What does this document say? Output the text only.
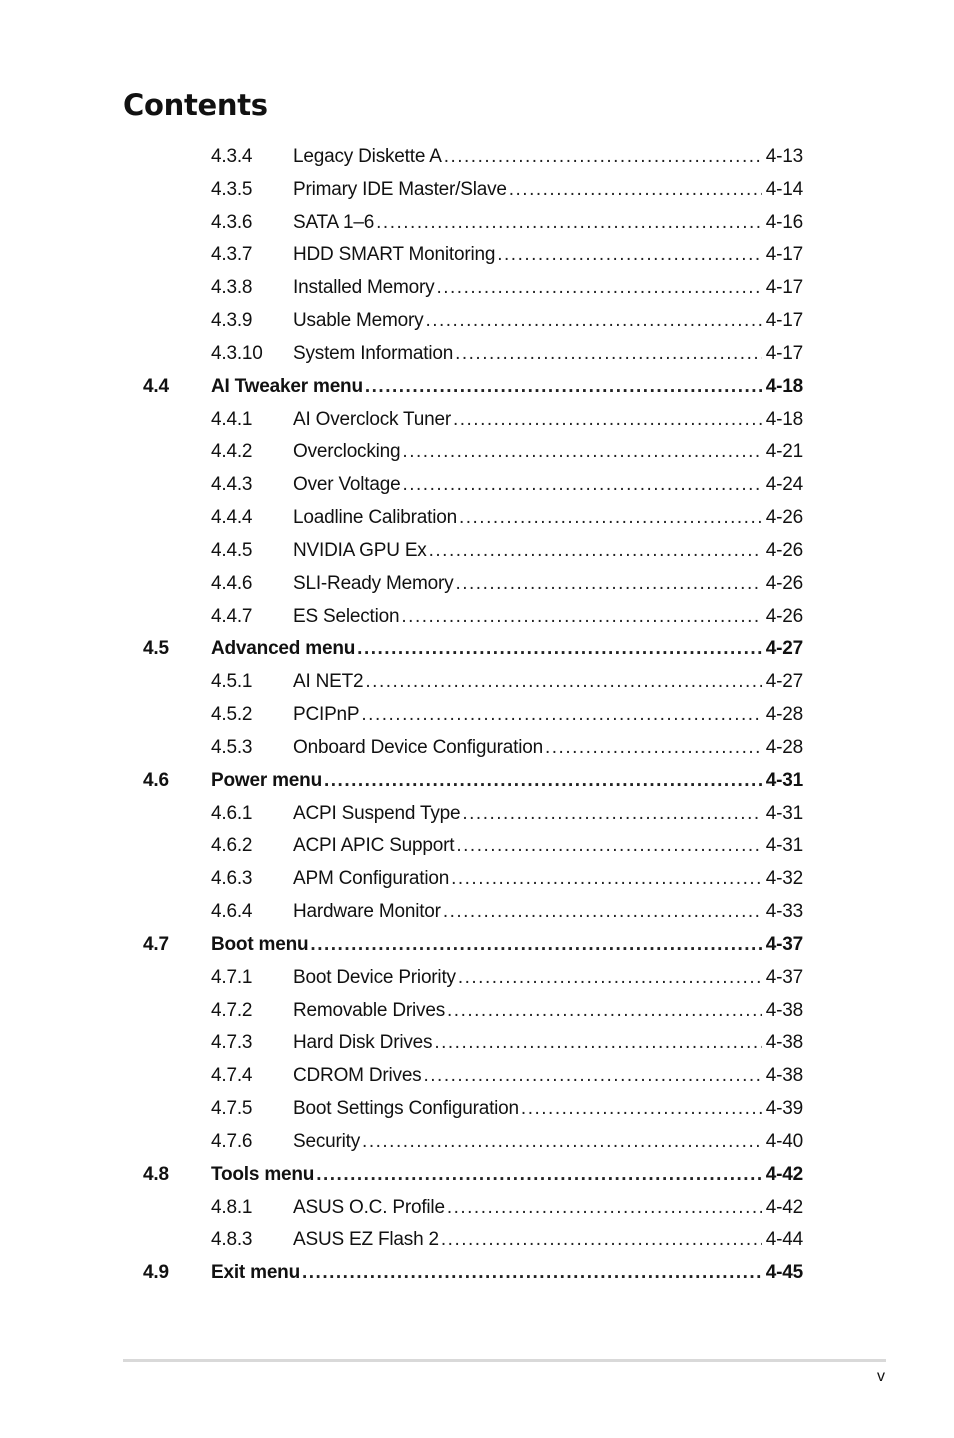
Contents
4.3.4 Legacy Diskette A .....	4-13
4.3.5 Primary IDE Master/Slave .....	4-14
4.3.6 SATA 1–6 .....	4-16
4.3.7 HDD SMART Monitoring .....	4-17
4.3.8 Installed Memory .....	4-17
4.3.9 Usable Memory .....	4-17
4.3.10 System Information .....	4-17
4.4 AI Tweaker menu .....	4-18
4.4.1 AI Overclock Tuner .....	4-18
4.4.2 Overclocking .....	4-21
4.4.3 Over Voltage .....	4-24
4.4.4 Loadline Calibration .....	4-26
4.4.5 NVIDIA GPU Ex .....	4-26
4.4.6 SLI-Ready Memory .....	4-26
4.4.7 ES Selection .....	4-26
4.5 Advanced menu .....	4-27
4.5.1 AI NET2 .....	4-27
4.5.2 PCIPnP .....	4-28
4.5.3 Onboard Device Configuration .....	4-28
4.6 Power menu .....	4-31
4.6.1 ACPI Suspend Type .....	4-31
4.6.2 ACPI APIC Support .....	4-31
4.6.3 APM Configuration .....	4-32
4.6.4 Hardware Monitor .....	4-33
4.7 Boot menu .....	4-37
4.7.1 Boot Device Priority .....	4-37
4.7.2 Removable Drives .....	4-38
4.7.3 Hard Disk Drives .....	4-38
4.7.4 CDROM Drives .....	4-38
4.7.5 Boot Settings Configuration .....	4-39
4.7.6 Security .....	4-40
4.8 Tools menu .....	4-42
4.8.1 ASUS O.C. Profile .....	4-42
4.8.3 ASUS EZ Flash 2 .....	4-44
4.9 Exit menu .....	4-45
v
